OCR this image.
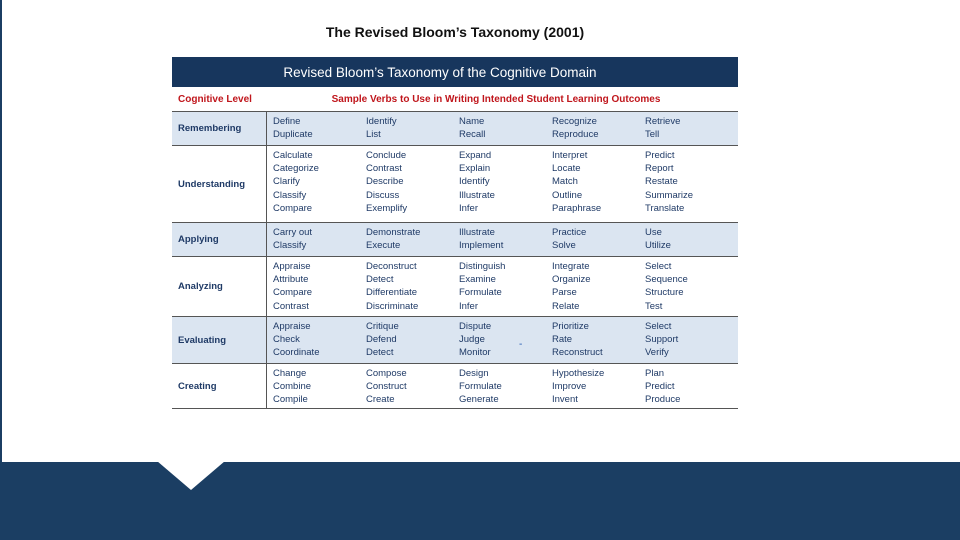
The Revised Bloom’s Taxonomy (2001)
Revised Bloom’s Taxonomy of the Cognitive Domain
Cognitive Level	Sample Verbs to Use in Writing Intended Student Learning Outcomes
Remembering
Define
Duplicate
Identify
List
Name
Recall
Recognize
Reproduce
Retrieve
Tell
Understanding
Calculate
Categorize
Clarify
Classify
Compare
Conclude
Contrast
Describe
Discuss
Exemplify
Expand
Explain
Identify
Illustrate
Infer
Interpret
Locate
Match
Outline
Paraphrase
Predict
Report
Restate
Summarize
Translate
Applying
Carry out
Classify
Demonstrate
Execute
Illustrate
Implement
Practice
Solve
Use
Utilize
Analyzing
Appraise
Attribute
Compare
Contrast
Deconstruct
Detect
Differentiate
Discriminate
Distinguish
Examine
Formulate
Infer
Integrate
Organize
Parse
Relate
Select
Sequence
Structure
Test
Evaluating
Appraise
Check
Coordinate
Critique
Defend
Detect
Dispute
Judge
Monitor
Prioritize
Rate
Reconstruct
Select
Support
Verify
Creating
Change
Combine
Compile
Compose
Construct
Create
Design
Formulate
Generate
Hypothesize
Improve
Invent
Plan
Predict
Produce
-
